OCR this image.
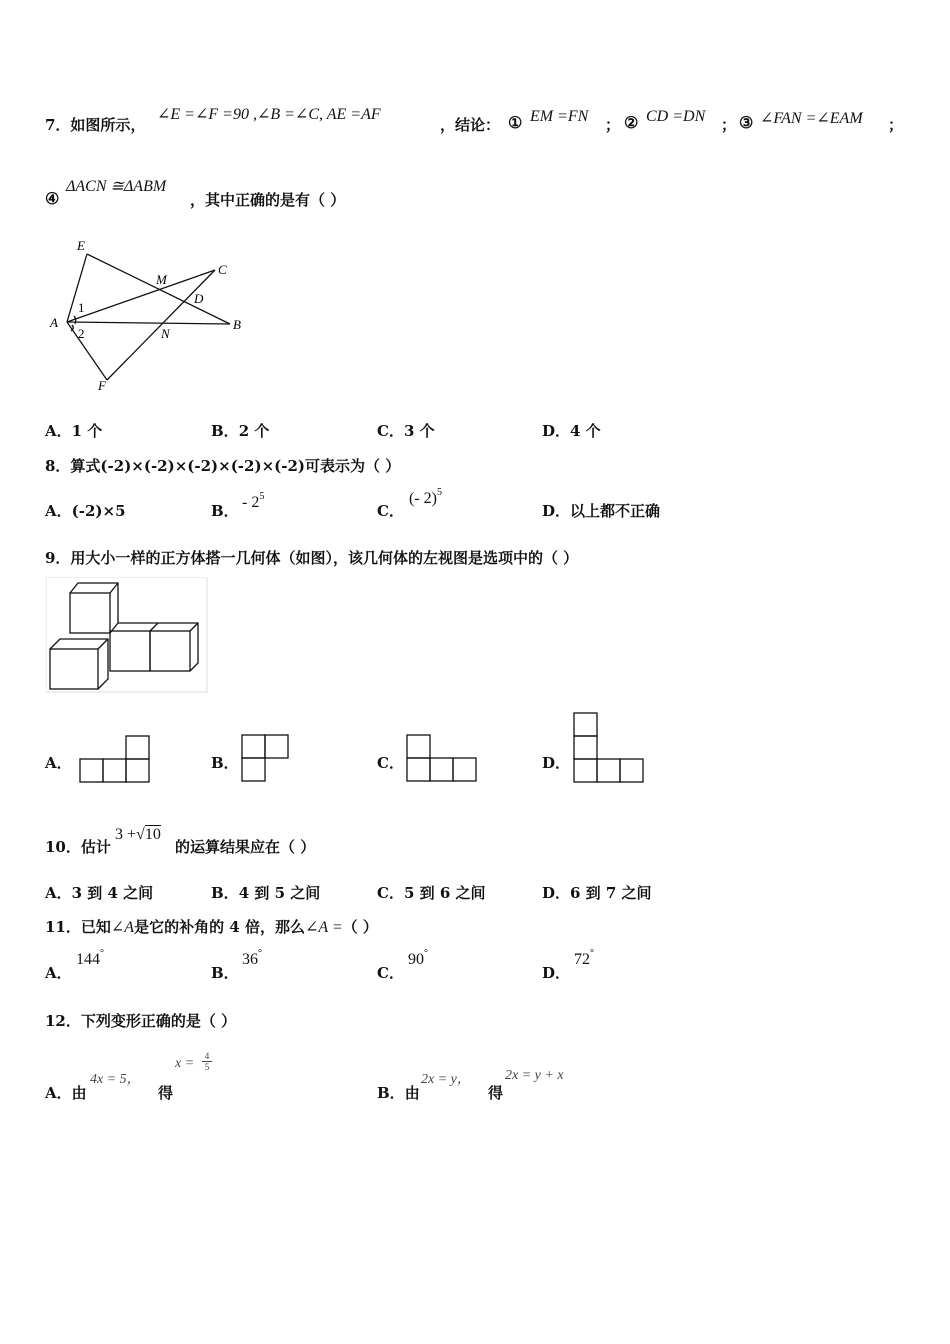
7．如图所示，
∠E =∠F =90 ,∠B =∠C, AE =AF
，结论： ① EM =FN ； ② CD =DN ； ③ ∠FAN =∠EAM ；
④
ΔACN ≅ΔABM
，其中正确的是有（ ）
E
M
C
D
A	B
N
F
1
2
A．1 个	B．2 个	C．3 个	D．4 个
8．算式(-2)×(-2)×(-2)×(-2)×(-2)可表示为（ ）
A．(-2)×5	B． - $2^5$
C．
(- 2)$^5$
D．以上都不正确
9．用大小一样的正方体搭一几何体（如图），该几何体的左视图是选项中的（ ）
A．	B．	C．	D．
10．估计
3 +√10
的运算结果应在（ ）
A．3 到 4 之间	B．4 到 5 之间	C．5 到 6 之间	D．6 到 7 之间
11．已知∠A是它的补角的 4 倍，那么∠A =（ ）
A．
144°
B．
36°
C．
90°
D．
72°
12．下列变形正确的是（ ）
A．由
4x = 5，
得
$x = \frac{4}{5}$
B．由
2x = y，
得
2x = y + x
